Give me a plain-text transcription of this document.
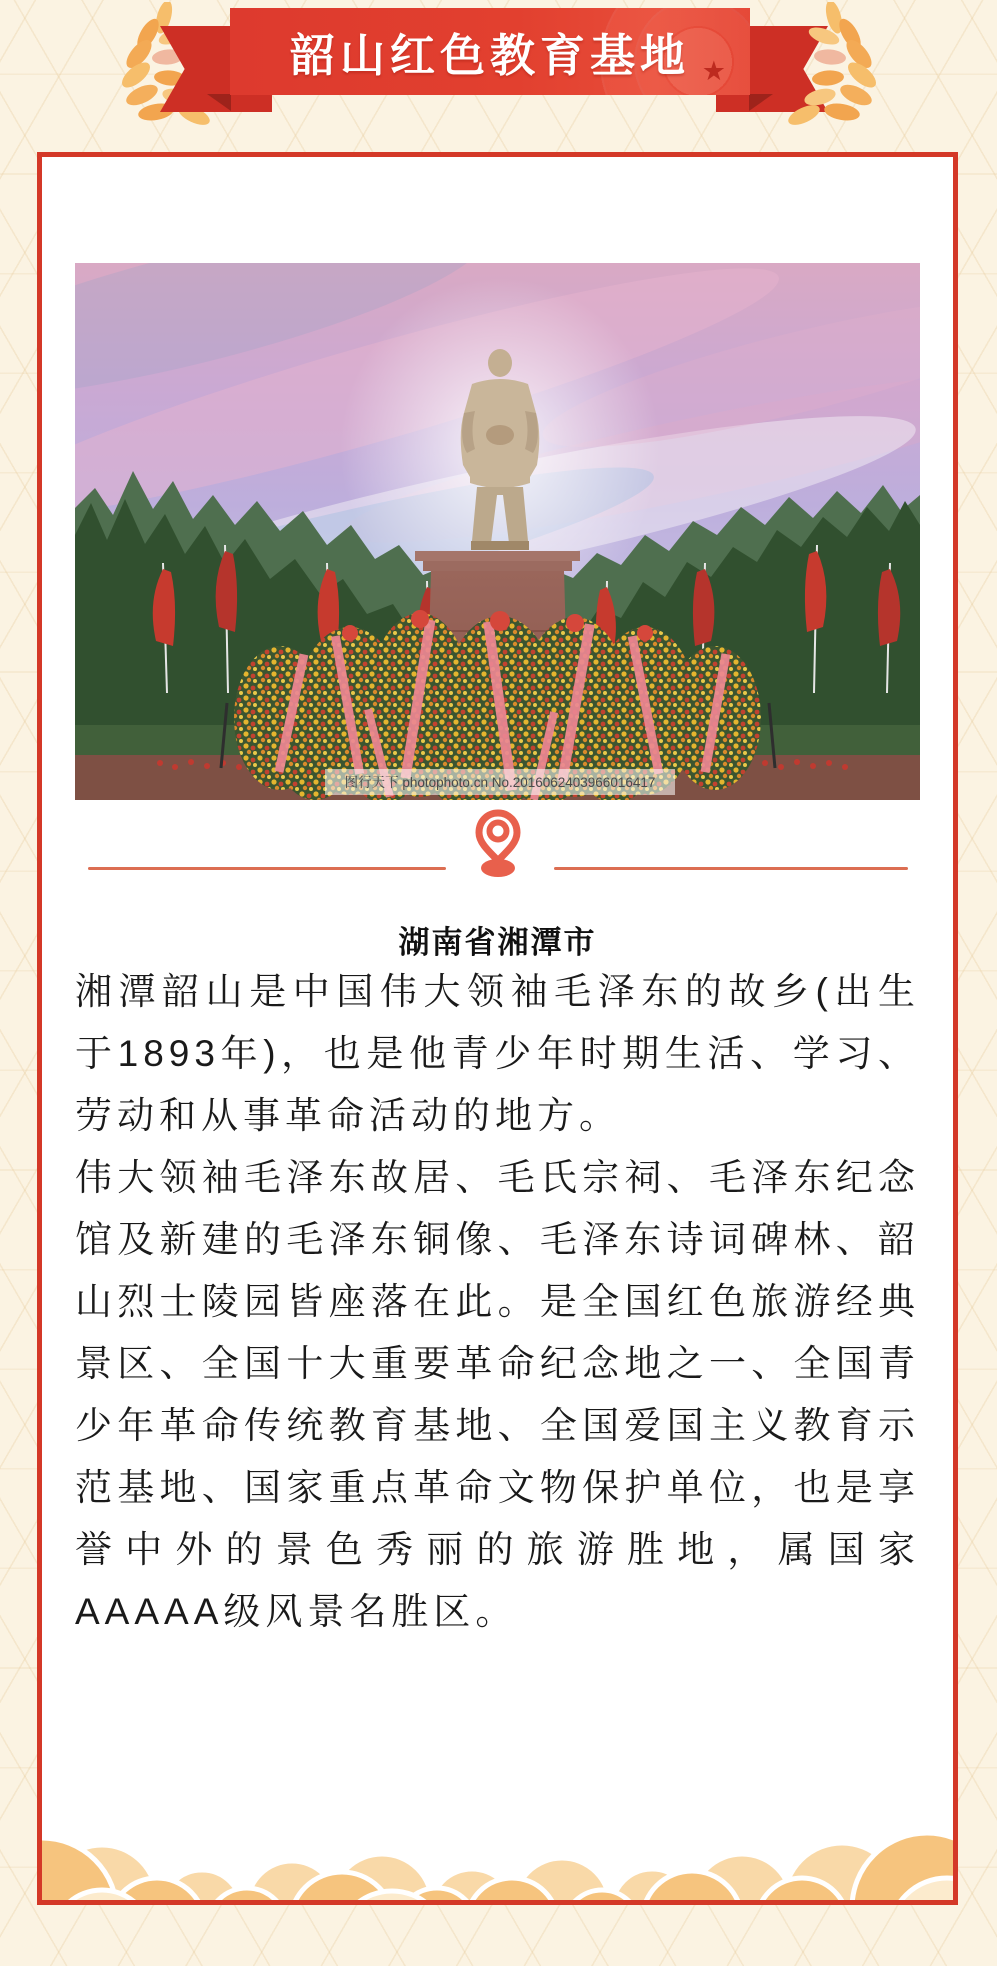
韶山红色教育基地 ★
图行天下 photophoto.cn No.2016062403966016417
湖南省湘潭市

湘潭韶山是中国伟大领袖毛泽东的故乡(出生于1893年)，也是他青少年时期生活、学习、劳动和从事革命活动的地方。

伟大领袖毛泽东故居、毛氏宗祠、毛泽东纪念馆及新建的毛泽东铜像、毛泽东诗词碑林、韶山烈士陵园皆座落在此。是全国红色旅游经典景区、全国十大重要革命纪念地之一、全国青少年革命传统教育基地、全国爱国主义教育示范基地、国家重点革命文物保护单位，也是享誉中外的景色秀丽的旅游胜地，属国家AAAAA级风景名胜区。
